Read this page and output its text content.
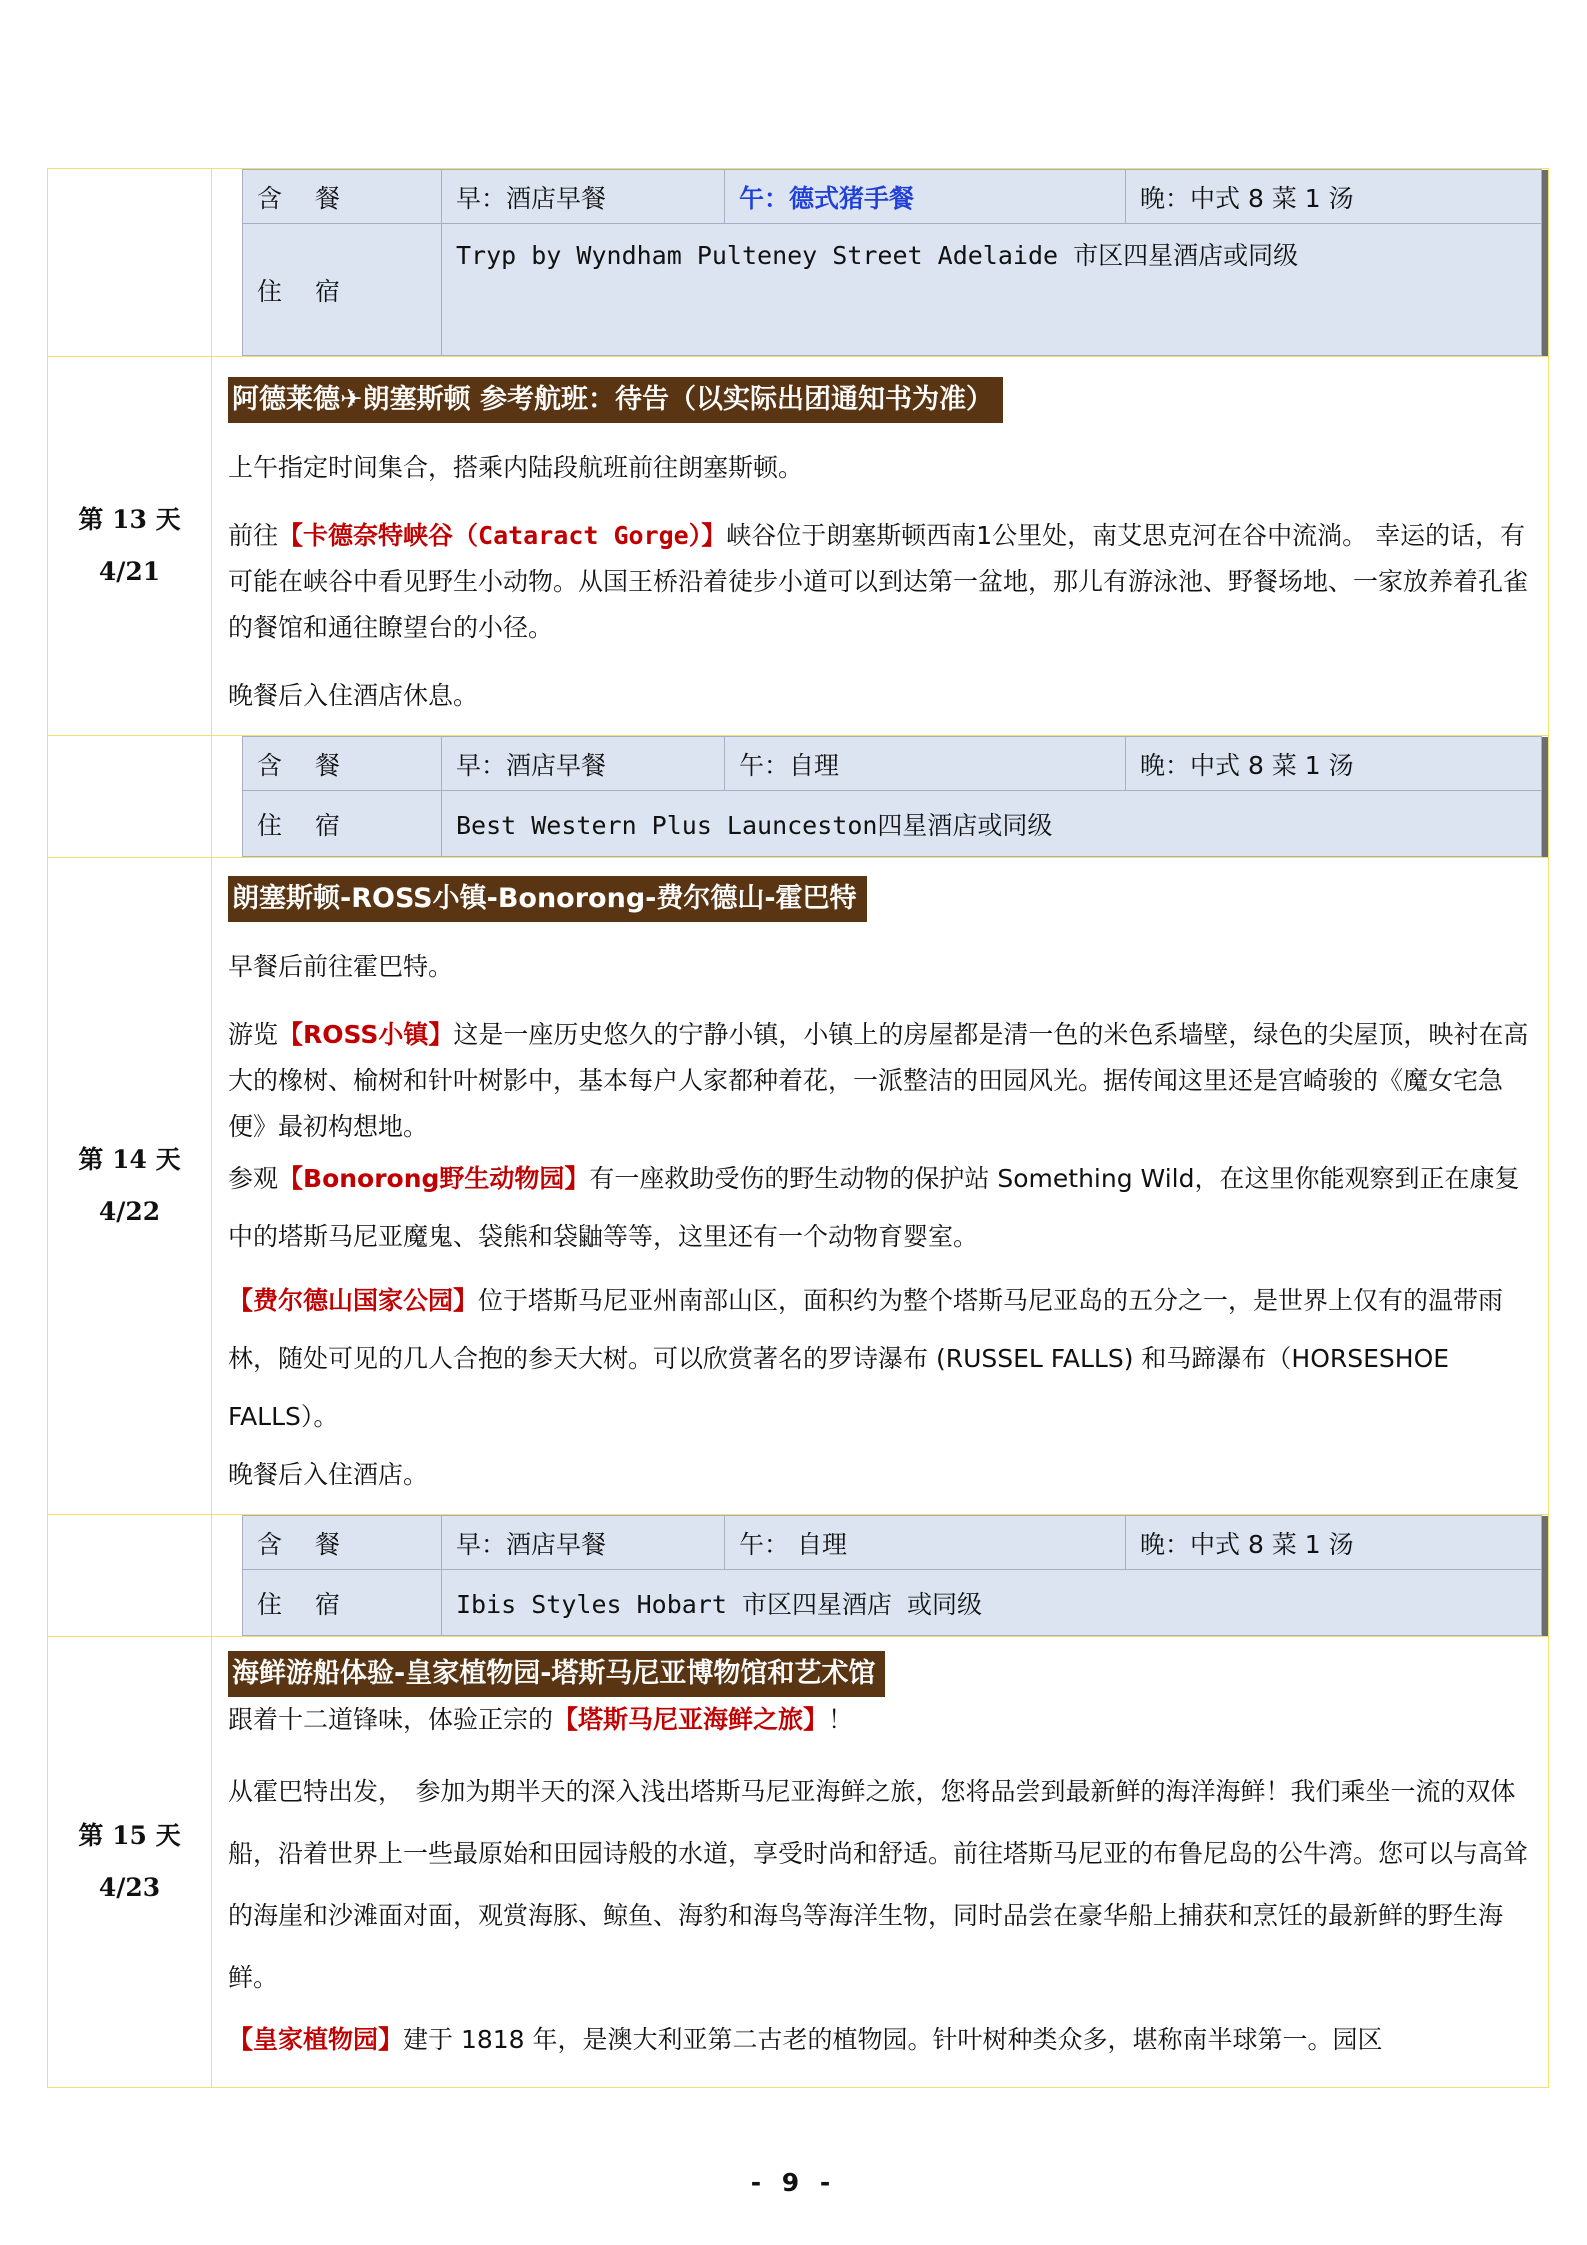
含　餐	早：酒店早餐	午：德式猪手餐	晚：中式 8 菜 1 汤	
住　宿	Tryp by Wyndham Pulteney Street Adelaide 市区四星酒店或同级

第 13 天
4/21

阿德莱德✈朗塞斯顿 参考航班：待告（以实际出团通知书为准）

上午指定时间集合，搭乘内陆段航班前往朗塞斯顿。

前往【卡德奈特峡谷（Cataract Gorge）】峡谷位于朗塞斯顿西南1公里处，南艾思克河在谷中流淌。 幸运的话，有可能在峡谷中看见野生小动物。从国王桥沿着徒步小道可以到达第一盆地，那儿有游泳池、野餐场地、一家放养着孔雀的餐馆和通往瞭望台的小径。

晚餐后入住酒店休息。

含　餐	早：酒店早餐	午：自理	晚：中式 8 菜 1 汤	
住　宿	Best Western Plus Launceston四星酒店或同级

第 14 天
4/22

朗塞斯顿-ROSS小镇-Bonorong-费尔德山-霍巴特

早餐后前往霍巴特。

游览【ROSS小镇】这是一座历史悠久的宁静小镇，小镇上的房屋都是清一色的米色系墙壁，绿色的尖屋顶，映衬在高大的橡树、榆树和针叶树影中，基本每户人家都种着花，一派整洁的田园风光。据传闻这里还是宫崎骏的《魔女宅急便》最初构想地。

参观【Bonorong野生动物园】有一座救助受伤的野生动物的保护站 Something Wild，在这里你能观察到正在康复中的塔斯马尼亚魔鬼、袋熊和袋鼬等等，这里还有一个动物育婴室。

【费尔德山国家公园】位于塔斯马尼亚州南部山区，面积约为整个塔斯马尼亚岛的五分之一，是世界上仅有的温带雨林，随处可见的几人合抱的参天大树。可以欣赏著名的罗诗瀑布 (RUSSEL FALLS) 和马蹄瀑布（HORSESHOE FALLS）。

晚餐后入住酒店。

含　餐	早：酒店早餐	午： 自理	晚：中式 8 菜 1 汤	
住　宿	Ibis Styles Hobart 市区四星酒店 或同级

第 15 天
4/23

海鲜游船体验-皇家植物园-塔斯马尼亚博物馆和艺术馆

跟着十二道锋味，体验正宗的【塔斯马尼亚海鲜之旅】！

从霍巴特出发，　参加为期半天的深入浅出塔斯马尼亚海鲜之旅，您将品尝到最新鲜的海洋海鲜！我们乘坐一流的双体船，沿着世界上一些最原始和田园诗般的水道，享受时尚和舒适。前往塔斯马尼亚的布鲁尼岛的公牛湾。您可以与高耸的海崖和沙滩面对面，观赏海豚、鲸鱼、海豹和海鸟等海洋生物，同时品尝在豪华船上捕获和烹饪的最新鲜的野生海鲜。

【皇家植物园】建于 1818 年，是澳大利亚第二古老的植物园。针叶树种类众多，堪称南半球第一。园区

- 9 -
